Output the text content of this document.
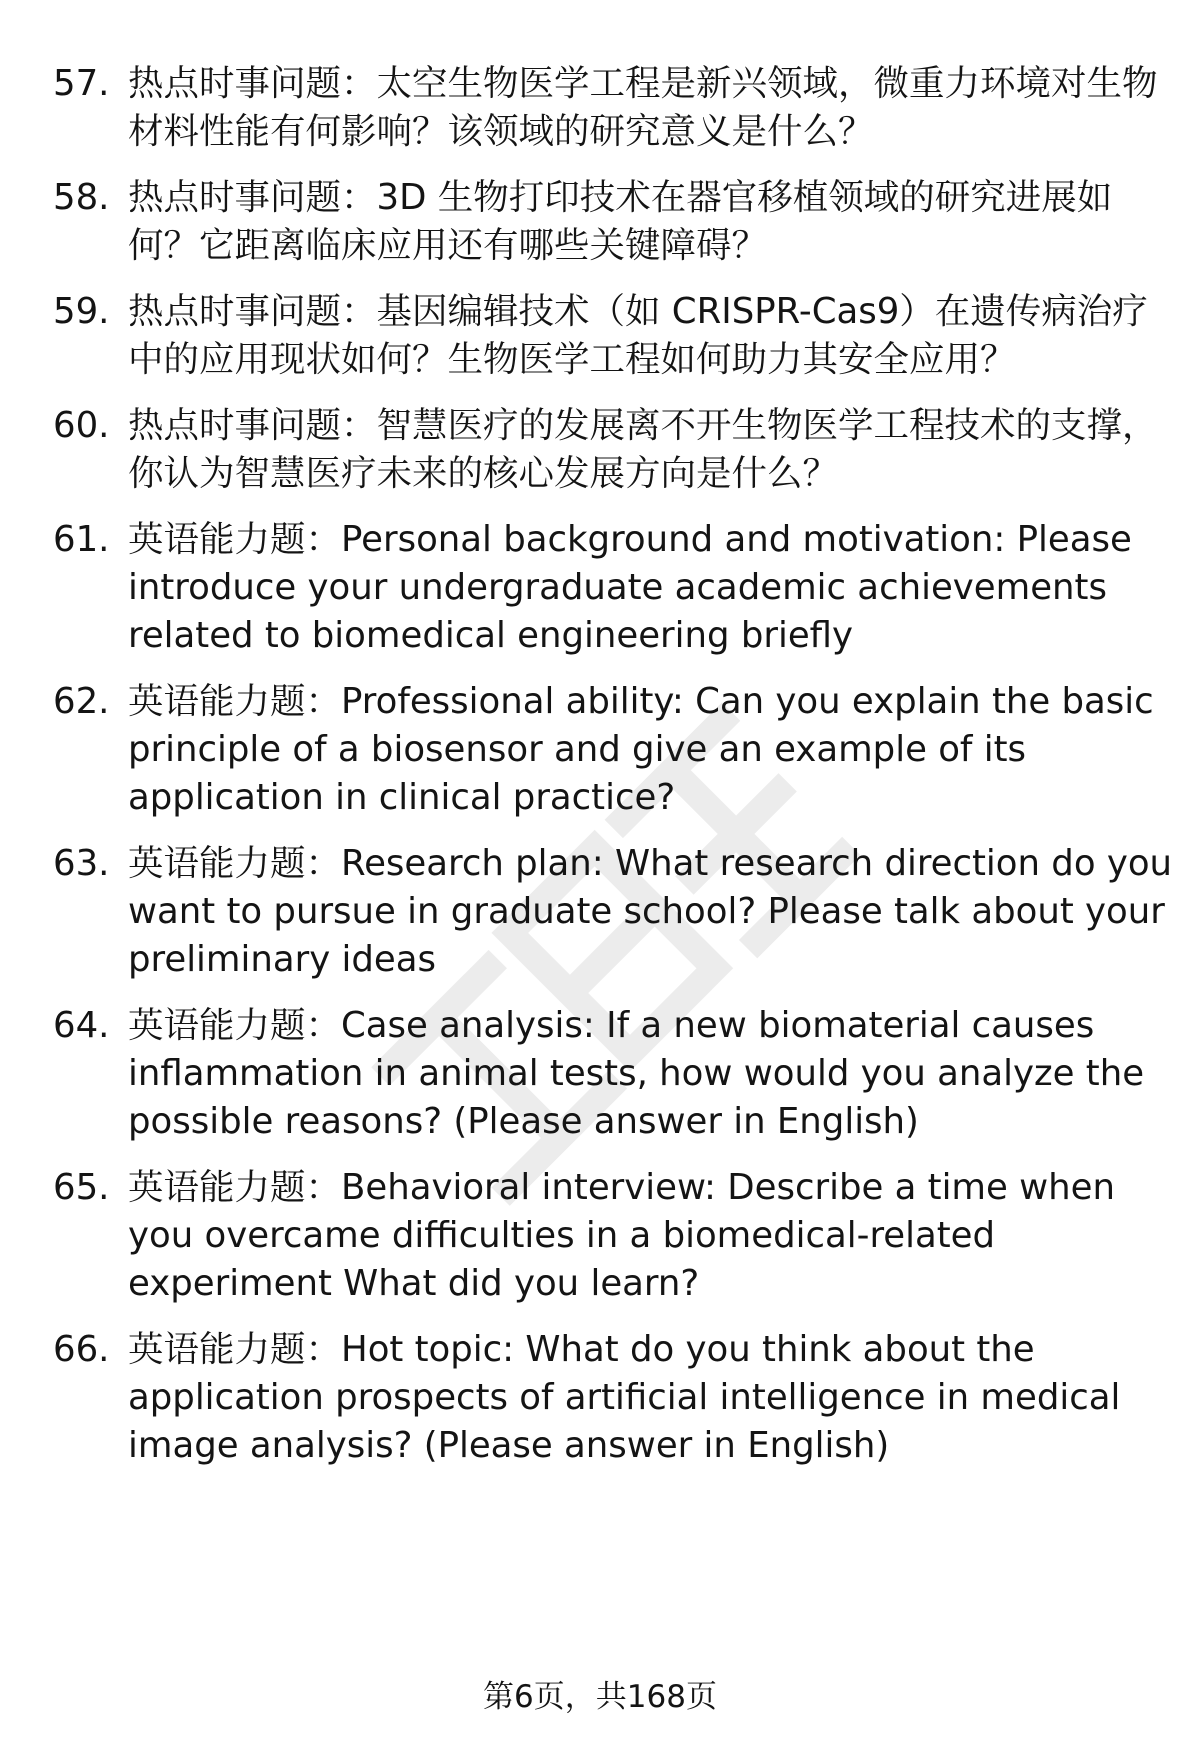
57. 热点时事问题：太空生物医学工程是新兴领域，微重力环境对生物材料性能有何影响？该领域的研究意义是什么？
58. 热点时事问题：3D 生物打印技术在器官移植领域的研究进展如何？它距离临床应用还有哪些关键障碍？
59. 热点时事问题：基因编辑技术（如 CRISPR-Cas9）在遗传病治疗中的应用现状如何？生物医学工程如何助力其安全应用？
60. 热点时事问题：智慧医疗的发展离不开生物医学工程技术的支撑，你认为智慧医疗未来的核心发展方向是什么？
61. 英语能力题：Personal background and motivation: Please introduce your undergraduate academic achievements related to biomedical engineering briefly
62. 英语能力题：Professional ability: Can you explain the basic principle of a biosensor and give an example of its application in clinical practice?
63. 英语能力题：Research plan: What research direction do you want to pursue in graduate school? Please talk about your preliminary ideas
64. 英语能力题：Case analysis: If a new biomaterial causes inflammation in animal tests, how would you analyze the possible reasons? (Please answer in English)
65. 英语能力题：Behavioral interview: Describe a time when you overcame difficulties in a biomedical-related experiment What did you learn?
66. 英语能力题：Hot topic: What do you think about the application prospects of artificial intelligence in medical image analysis? (Please answer in English)
第6页，共168页
